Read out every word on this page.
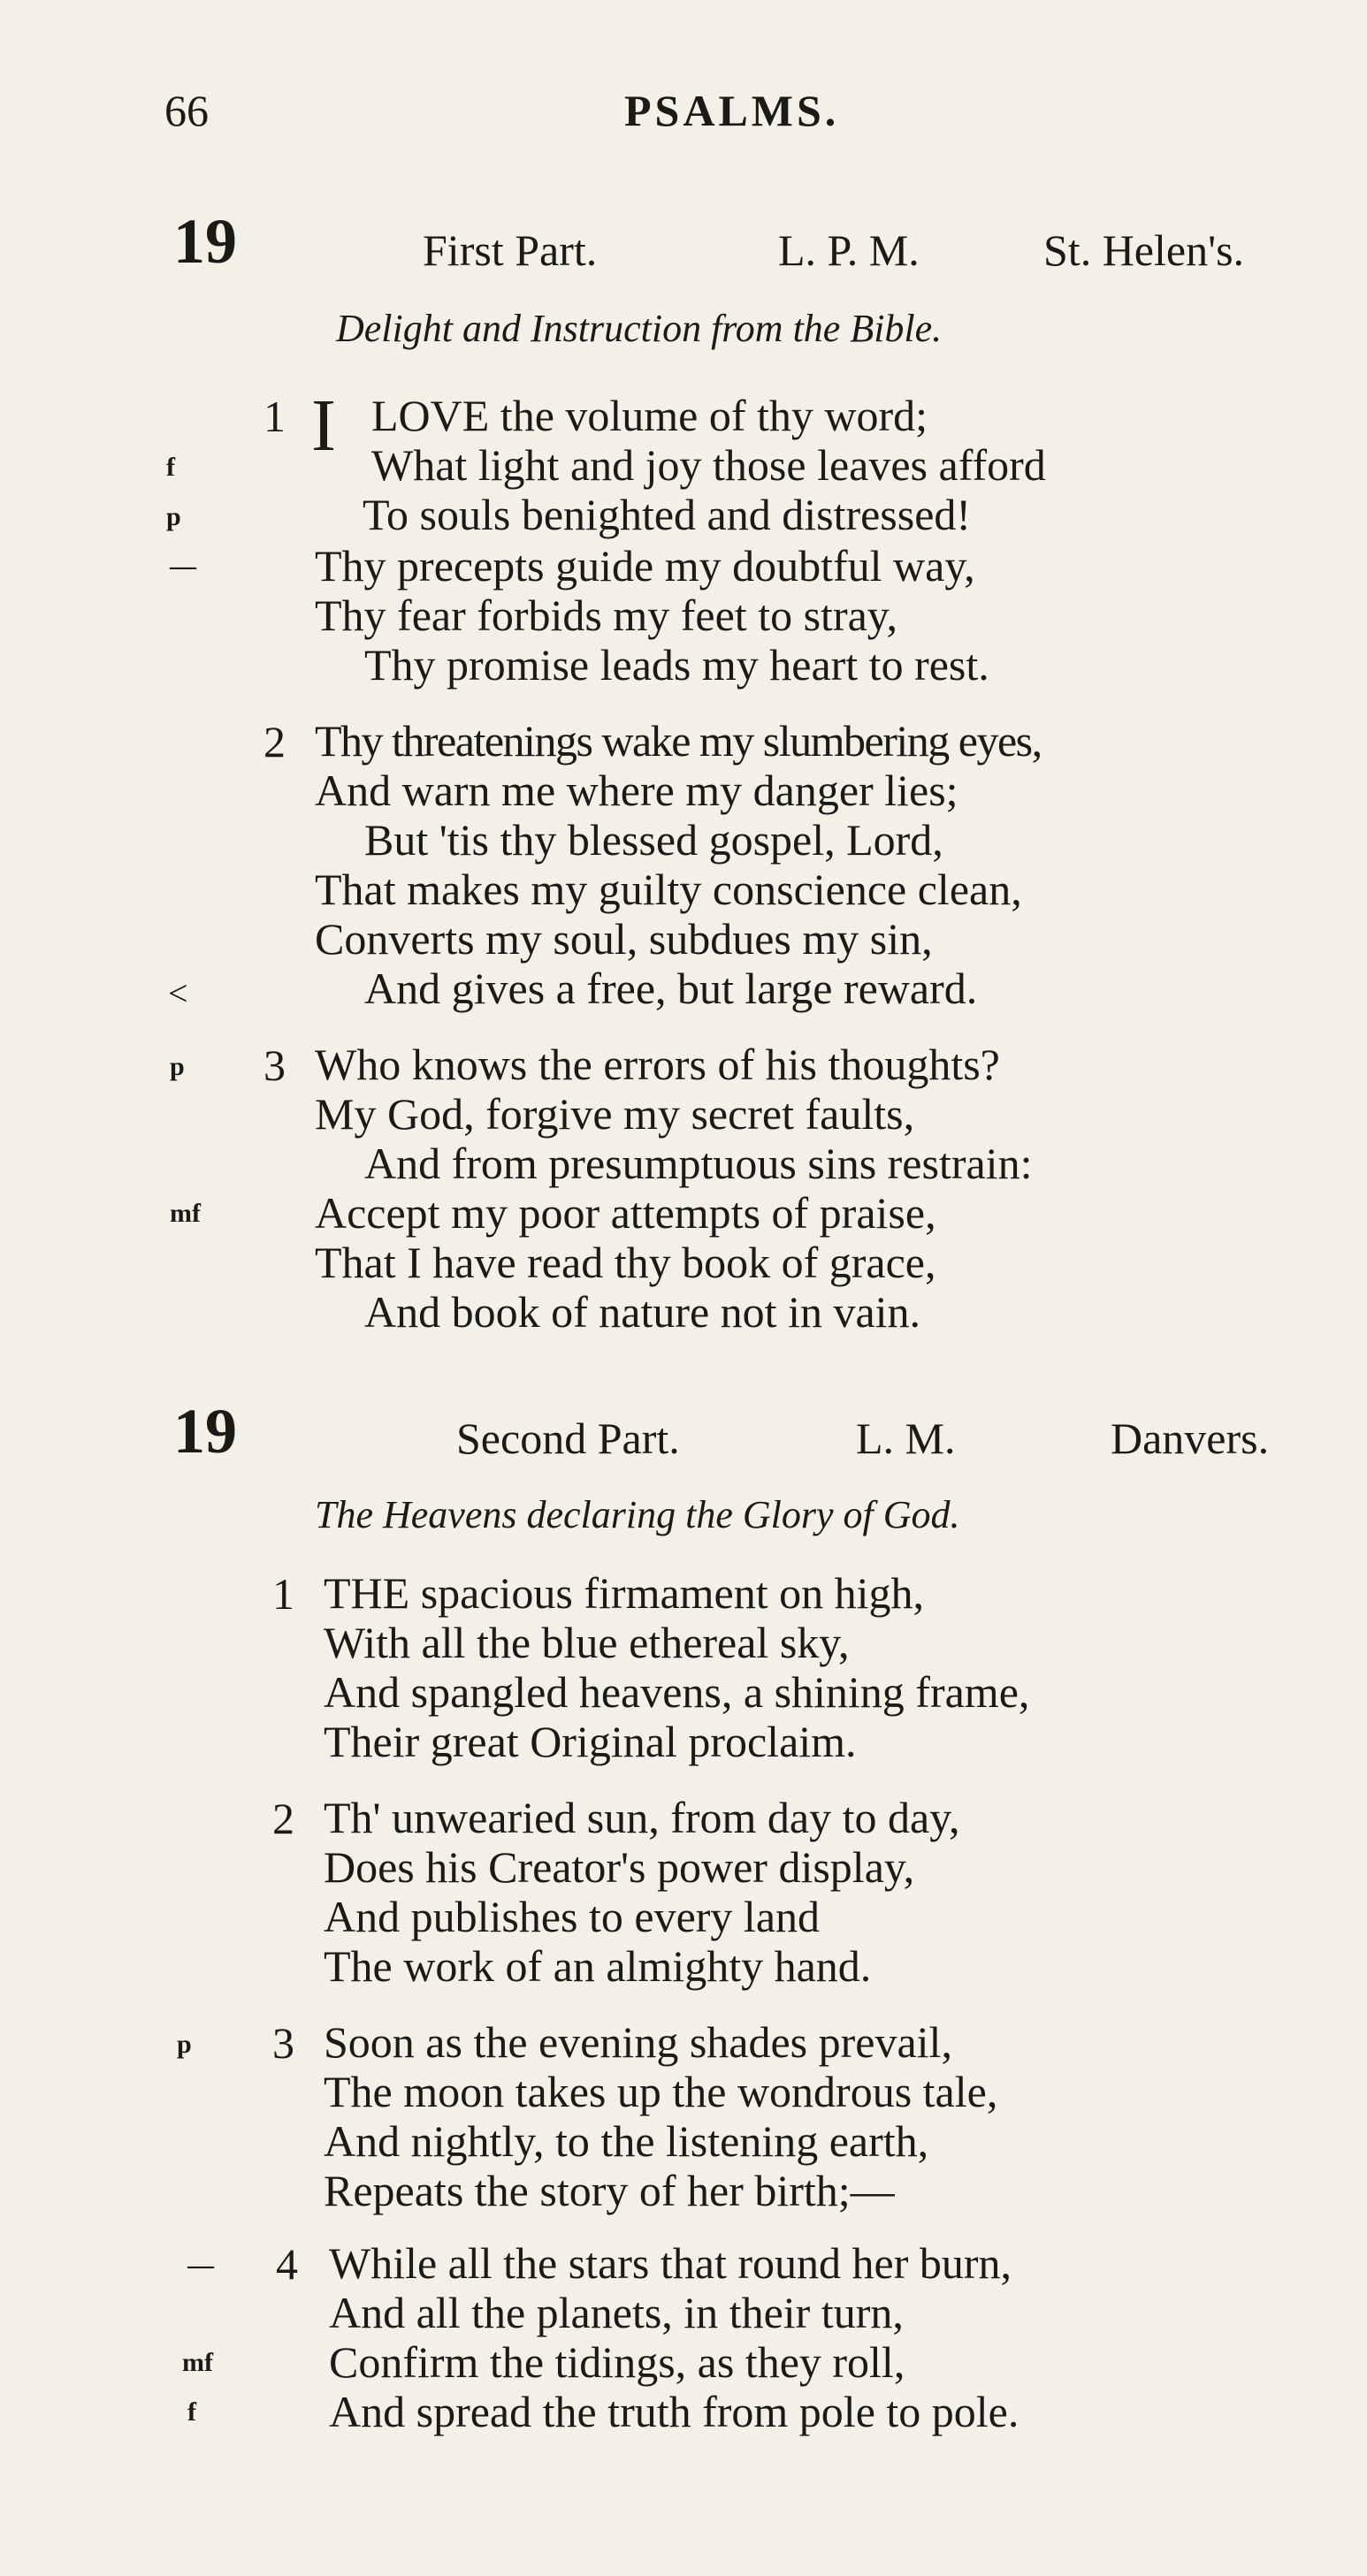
66	PSALMS.
19	First Part.	L. P. M.	St. Helen's.
Delight and Instruction from the Bible.
1 I LOVE the volume of thy word;
What light and joy those leaves afford
To souls benighted and distressed!
Thy precepts guide my doubtful way,
Thy fear forbids my feet to stray,
Thy promise leads my heart to rest.
f
p
—
2 Thy threatenings wake my slumbering eyes,
And warn me where my danger lies;
But 'tis thy blessed gospel, Lord,
That makes my guilty conscience clean,
Converts my soul, subdues my sin,
And gives a free, but large reward.
<
3 Who knows the errors of his thoughts?
My God, forgive my secret faults,
And from presumptuous sins restrain:
Accept my poor attempts of praise,
That I have read thy book of grace,
And book of nature not in vain.
p
mf
19	Second Part.	L. M.	Danvers.
The Heavens declaring the Glory of God.
1 THE spacious firmament on high,
With all the blue ethereal sky,
And spangled heavens, a shining frame,
Their great Original proclaim.
2 Th' unwearied sun, from day to day,
Does his Creator's power display,
And publishes to every land
The work of an almighty hand.
3 Soon as the evening shades prevail,
The moon takes up the wondrous tale,
And nightly, to the listening earth,
Repeats the story of her birth;—
p
4 While all the stars that round her burn,
And all the planets, in their turn,
Confirm the tidings, as they roll,
And spread the truth from pole to pole.
—
mf
f
